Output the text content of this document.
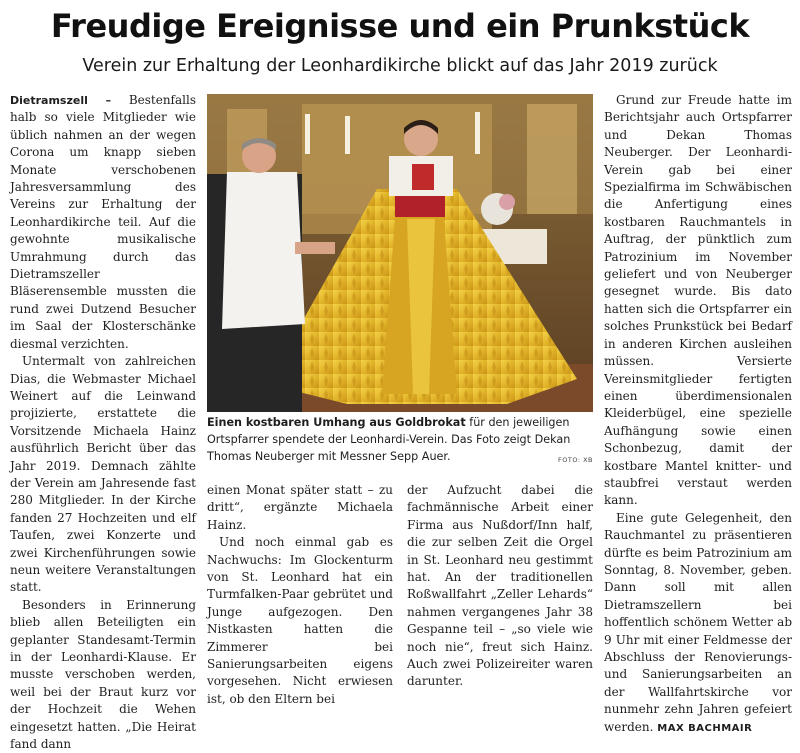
Freudige Ereignisse und ein Prunkstück
Verein zur Erhaltung der Leonhardikirche blickt auf das Jahr 2019 zurück

Dietramszell – Bestenfalls halb so viele Mitglieder wie üblich nahmen an der wegen Corona um knapp sieben Monate verschobenen Jahresversammlung des Vereins zur Erhaltung der Leonhardikirche teil. Auf die gewohnte musikalische Umrahmung durch das Dietramszeller Bläserensemble mussten die rund zwei Dutzend Besucher im Saal der Klosterschänke diesmal verzichten.

Untermalt von zahlreichen Dias, die Webmaster Michael Weinert auf die Leinwand projizierte, erstattete die Vorsitzende Michaela Hainz ausführlich Bericht über das Jahr 2019. Demnach zählte der Verein am Jahresende fast 280 Mitglieder. In der Kirche fanden 27 Hochzeiten und elf Taufen, zwei Konzerte und zwei Kirchenführungen sowie neun weitere Veranstaltungen statt.

Besonders in Erinnerung blieb allen Beteiligten ein geplanter Standesamt-Termin in der Leonhardi-Klause. Er musste verschoben werden, weil bei der Braut kurz vor der Hochzeit die Wehen eingesetzt hatten. „Die Heirat fand dann

Einen kostbaren Umhang aus Goldbrokat für den jeweiligen Ortspfarrer spendete der Leonhardi-Verein. Das Foto zeigt Dekan Thomas Neuberger mit Messner Sepp Auer.	FOTO: XB

einen Monat später statt – zu dritt“, ergänzte Michaela Hainz.

Und noch einmal gab es Nachwuchs: Im Glockenturm von St. Leonhard hat ein Turmfalken-Paar gebrütet und Junge aufgezogen. Den Nistkasten hatten die Zimmerer bei Sanierungsarbeiten eigens vorgesehen. Nicht erwiesen ist, ob den Eltern bei

der Aufzucht dabei die fachmännische Arbeit einer Firma aus Nußdorf/Inn half, die zur selben Zeit die Orgel in St. Leonhard neu gestimmt hat. An der traditionellen Roßwallfahrt „Zeller Lehards“ nahmen vergangenes Jahr 38 Gespanne teil – „so viele wie noch nie“, freut sich Hainz. Auch zwei Polizeireiter waren darunter.

Grund zur Freude hatte im Berichtsjahr auch Ortspfarrer und Dekan Thomas Neuberger. Der Leonhardi-Verein gab bei einer Spezialfirma im Schwäbischen die Anfertigung eines kostbaren Rauchmantels in Auftrag, der pünktlich zum Patrozinium im November geliefert und von Neuberger gesegnet wurde. Bis dato hatten sich die Ortspfarrer ein solches Prunkstück bei Bedarf in anderen Kirchen ausleihen müssen. Versierte Vereinsmitglieder fertigten einen überdimensionalen Kleiderbügel, eine spezielle Aufhängung sowie einen Schonbezug, damit der kostbare Mantel knitter- und staubfrei verstaut werden kann.

Eine gute Gelegenheit, den Rauchmantel zu präsentieren dürfte es beim Patrozinium am Sonntag, 8. November, geben. Dann soll mit allen Dietramszellern bei hoffentlich schönem Wetter ab 9 Uhr mit einer Feldmesse der Abschluss der Renovierungs- und Sanierungsarbeiten an der Wallfahrtskirche vor nunmehr zehn Jahren gefeiert werden. MAX BACHMAIR
